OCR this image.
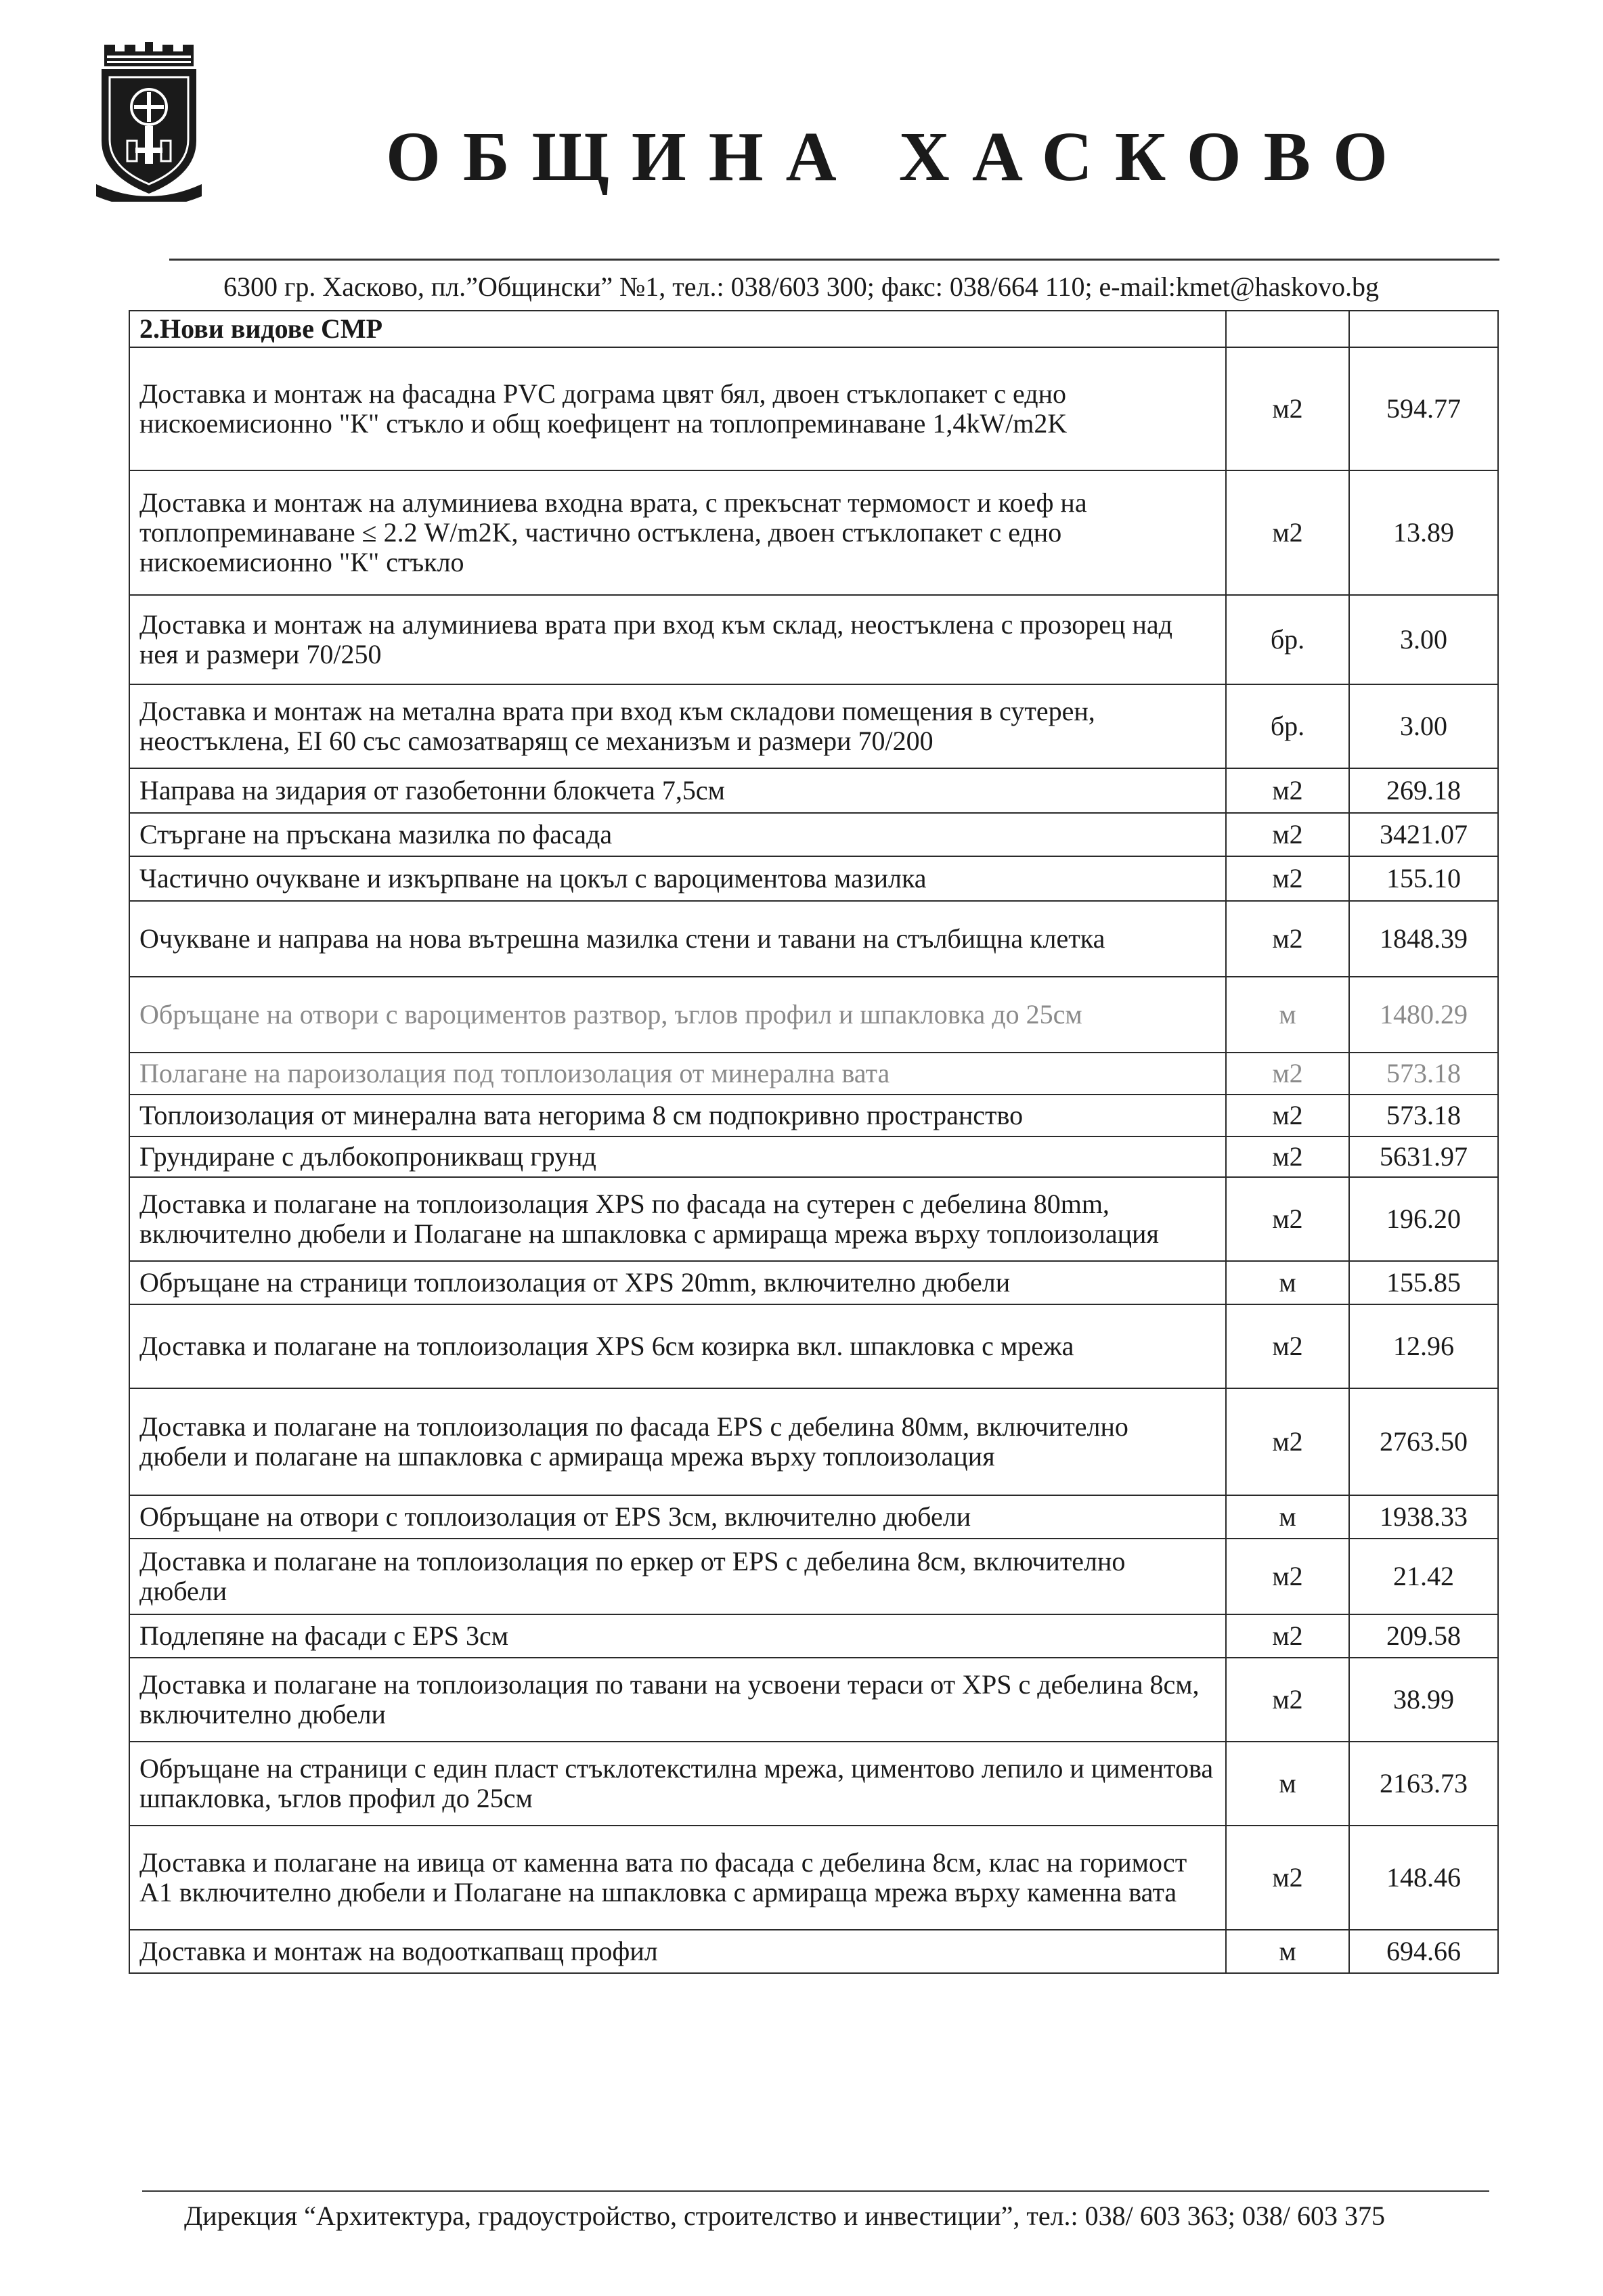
ОБЩИНА ХАСКОВО
6300 гр. Хасково, пл.”Общински” №1, тел.: 038/603 300; факс: 038/664 110; e-mail:kmet@haskovo.bg
2.Нови видове СМР		
Доставка и монтаж на фасадна PVC дограма цвят бял, двоен стъклопакет с едно нискоемисионно "К" стъкло и общ коефицент на топлопреминаване 1,4kW/m2K	м2	594.77
Доставка и монтаж на алуминиева входна врата, с прекъснат термомост и коеф на топлопреминаване ≤ 2.2 W/m2K, частично остъклена, двоен стъклопакет с едно нискоемисионно "К" стъкло	м2	13.89
Доставка и монтаж на алуминиева врата при вход към склад, неостъклена с прозорец над нея и размери 70/250	бр.	3.00
Доставка и монтаж на метална врата при вход към складови помещения в сутерен, неостъклена, EI 60 със самозатварящ се механизъм и размери 70/200	бр.	3.00
Направа на зидария от газобетонни блокчета 7,5см	м2	269.18
Стъргане на пръскана мазилка по фасада	м2	3421.07
Частично очукване и изкърпване на цокъл с вароциментова мазилка	м2	155.10
Очукване и направа на нова вътрешна мазилка стени и тавани на стълбищна клетка	м2	1848.39
Обръщане на отвори с вароциментов разтвор, ъглов профил и шпакловка до 25см	м	1480.29
Полагане на пароизолация под топлоизолация от минерална вата	м2	573.18
Топлоизолация от минерална вата негорима 8 см подпокривно пространство	м2	573.18
Грундиране с дълбокопроникващ грунд	м2	5631.97
Доставка и полагане на топлоизолация XPS по фасада на сутерен с дебелина 80mm, включително дюбели и Полагане на шпакловка с армираща мрежа върху топлоизолация	м2	196.20
Обръщане на страници топлоизолация от XPS 20mm, включително дюбели	м	155.85
Доставка и полагане на топлоизолация XPS 6см козирка вкл. шпакловка с мрежа	м2	12.96
Доставка и полагане на топлоизолация по фасада EPS с дебелина 80мм, включително дюбели и полагане на шпакловка с армираща мрежа върху топлоизолация	м2	2763.50
Обръщане на отвори с топлоизолация от EPS 3см, включително дюбели	м	1938.33
Доставка и полагане на топлоизолация по еркер от EPS с дебелина 8см, включително дюбели	м2	21.42
Подлепяне на фасади с EPS 3см	м2	209.58
Доставка и полагане на топлоизолация по тавани на усвоени тераси от XPS с дебелина 8см, включително дюбели	м2	38.99
Обръщане на страници с един пласт стъклотекстилна мрежа, циментово лепило и циментова шпакловка, ъглов профил до 25см	м	2163.73
Доставка и полагане на ивица от каменна вата по фасада с дебелина 8см, клас на горимост А1 включително дюбели и Полагане на шпакловка с армираща мрежа върху каменна вата	м2	148.46
Доставка и монтаж на водооткапващ профил	м	694.66
Дирекция “Архитектура, градоустройство, строителство и инвестиции”, тел.: 038/ 603 363; 038/ 603 375
